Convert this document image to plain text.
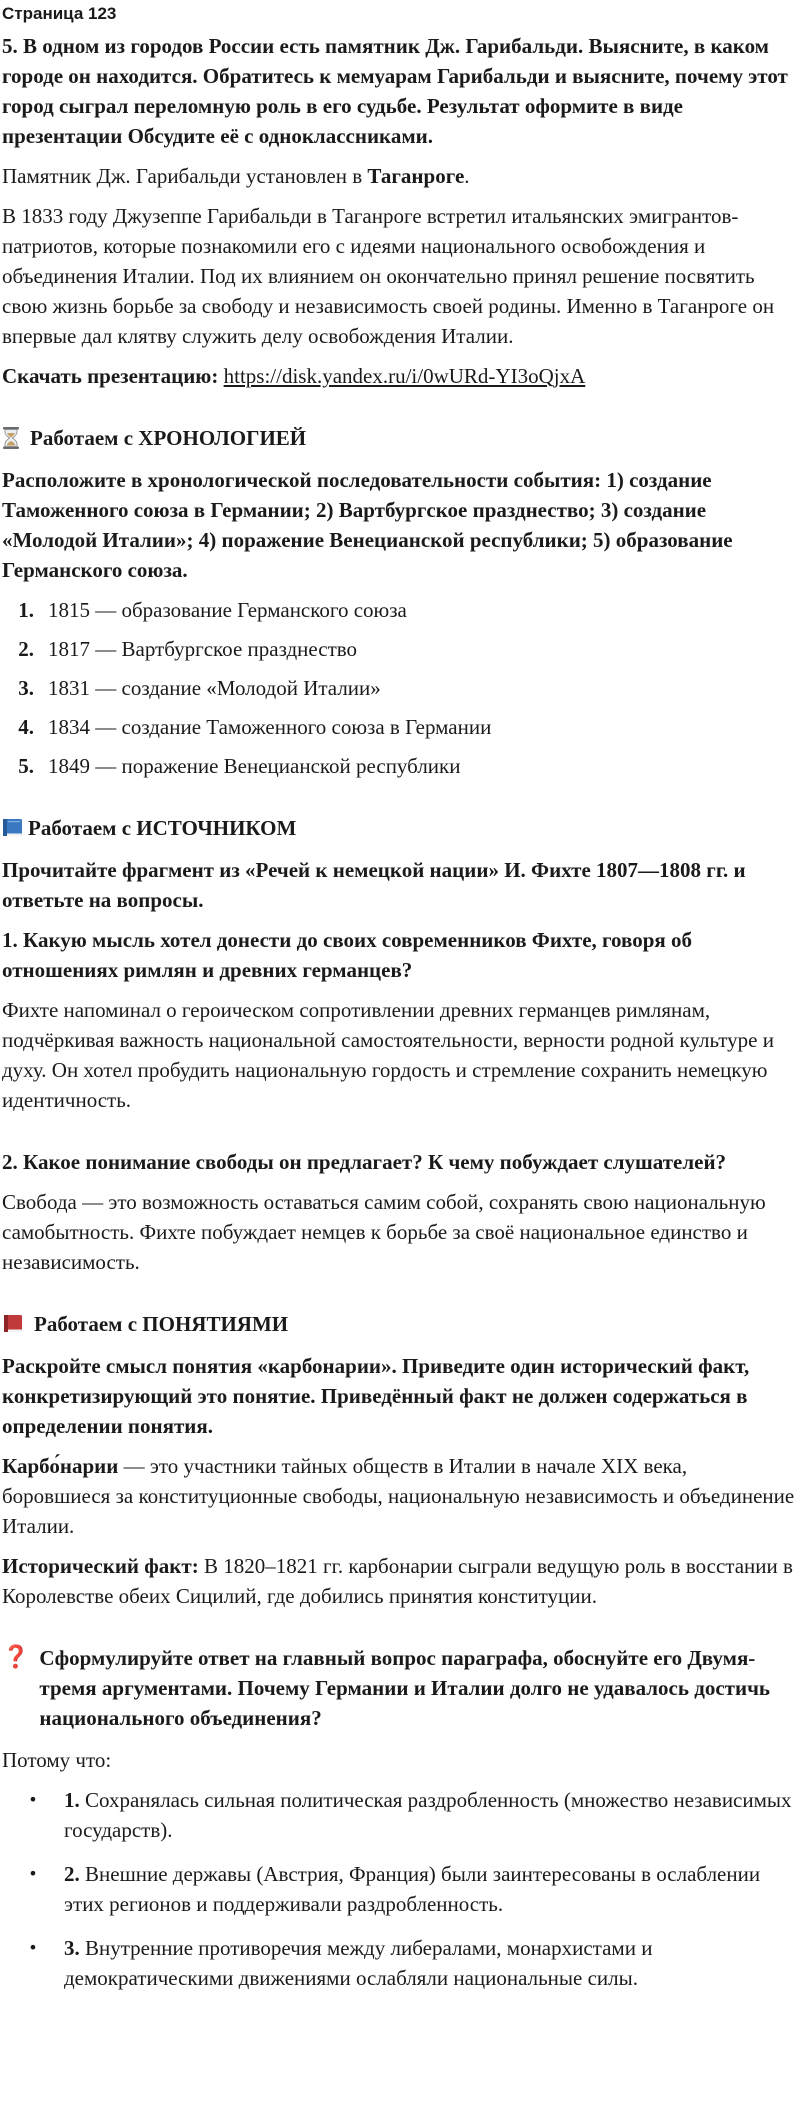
Страница 123

5. В одном из городов России есть памятник Дж. Гарибальди. Выясните, в каком городе он находится. Обратитесь к мемуарам Гарибальди и выясните, почему этот город сыграл переломную роль в его судьбе. Результат оформите в виде презентации Обсудите её с одноклассниками.

Памятник Дж. Гарибальди установлен в Таганроге.

В 1833 году Джузеппе Гарибальди в Таганроге встретил итальянских эмигрантов-патриотов, которые познакомили его с идеями национального освобождения и объединения Италии. Под их влиянием он окончательно принял решение посвятить свою жизнь борьбе за свободу и независимость своей родины. Именно в Таганроге он впервые дал клятву служить делу освобождения Италии.

Скачать презентацию: https://disk.yandex.ru/i/0wURd-YI3oQjxA

Работаем с ХРОНОЛОГИЕЙ

Расположите в хронологической последовательности события: 1) создание Таможенного союза в Германии; 2) Вартбургское празднество; 3) создание «Молодой Италии»; 4) поражение Венецианской республики; 5) образование Германского союза.

1. 1815 — образование Германского союза
2. 1817 — Вартбургское празднество
3. 1831 — создание «Молодой Италии»
4. 1834 — создание Таможенного союза в Германии
5. 1849 — поражение Венецианской республики
Работаем с ИСТОЧНИКОМ

Прочитайте фрагмент из «Речей к немецкой нации» И. Фихте 1807—1808 гг. и ответьте на вопросы.

1. Какую мысль хотел донести до своих современников Фихте, говоря об отношениях римлян и древних германцев?

Фихте напоминал о героическом сопротивлении древних германцев римлянам, подчёркивая важность национальной самостоятельности, верности родной культуре и духу. Он хотел пробудить национальную гордость и стремление сохранить немецкую идентичность.

2. Какое понимание свободы он предлагает? К чему побуждает слушателей?

Свобода — это возможность оставаться самим собой, сохранять свою национальную самобытность. Фихте побуждает немцев к борьбе за своё национальное единство и независимость.

Работаем с ПОНЯТИЯМИ

Раскройте смысл понятия «карбонарии». Приведите один исторический факт, конкретизирующий это понятие. Приведённый факт не должен содержаться в определении понятия.

Карбо́нарии — это участники тайных обществ в Италии в начале XIX века, боровшиеся за конституционные свободы, национальную независимость и объединение Италии.

Исторический факт: В 1820–1821 гг. карбонарии сыграли ведущую роль в восстании в Королевстве обеих Сицилий, где добились принятия конституции.

❓ Сформулируйте ответ на главный вопрос параграфа, обоснуйте его Двумя-тремя аргументами. Почему Германии и Италии долго не удавалось достичь национального объединения?

Потому что:

•	1. Сохранялась сильная политическая раздробленность (множество независимых государств).
•	2. Внешние державы (Австрия, Франция) были заинтересованы в ослаблении этих регионов и поддерживали раздробленность.
•	3. Внутренние противоречия между либералами, монархистами и демократическими движениями ослабляли национальные силы.
